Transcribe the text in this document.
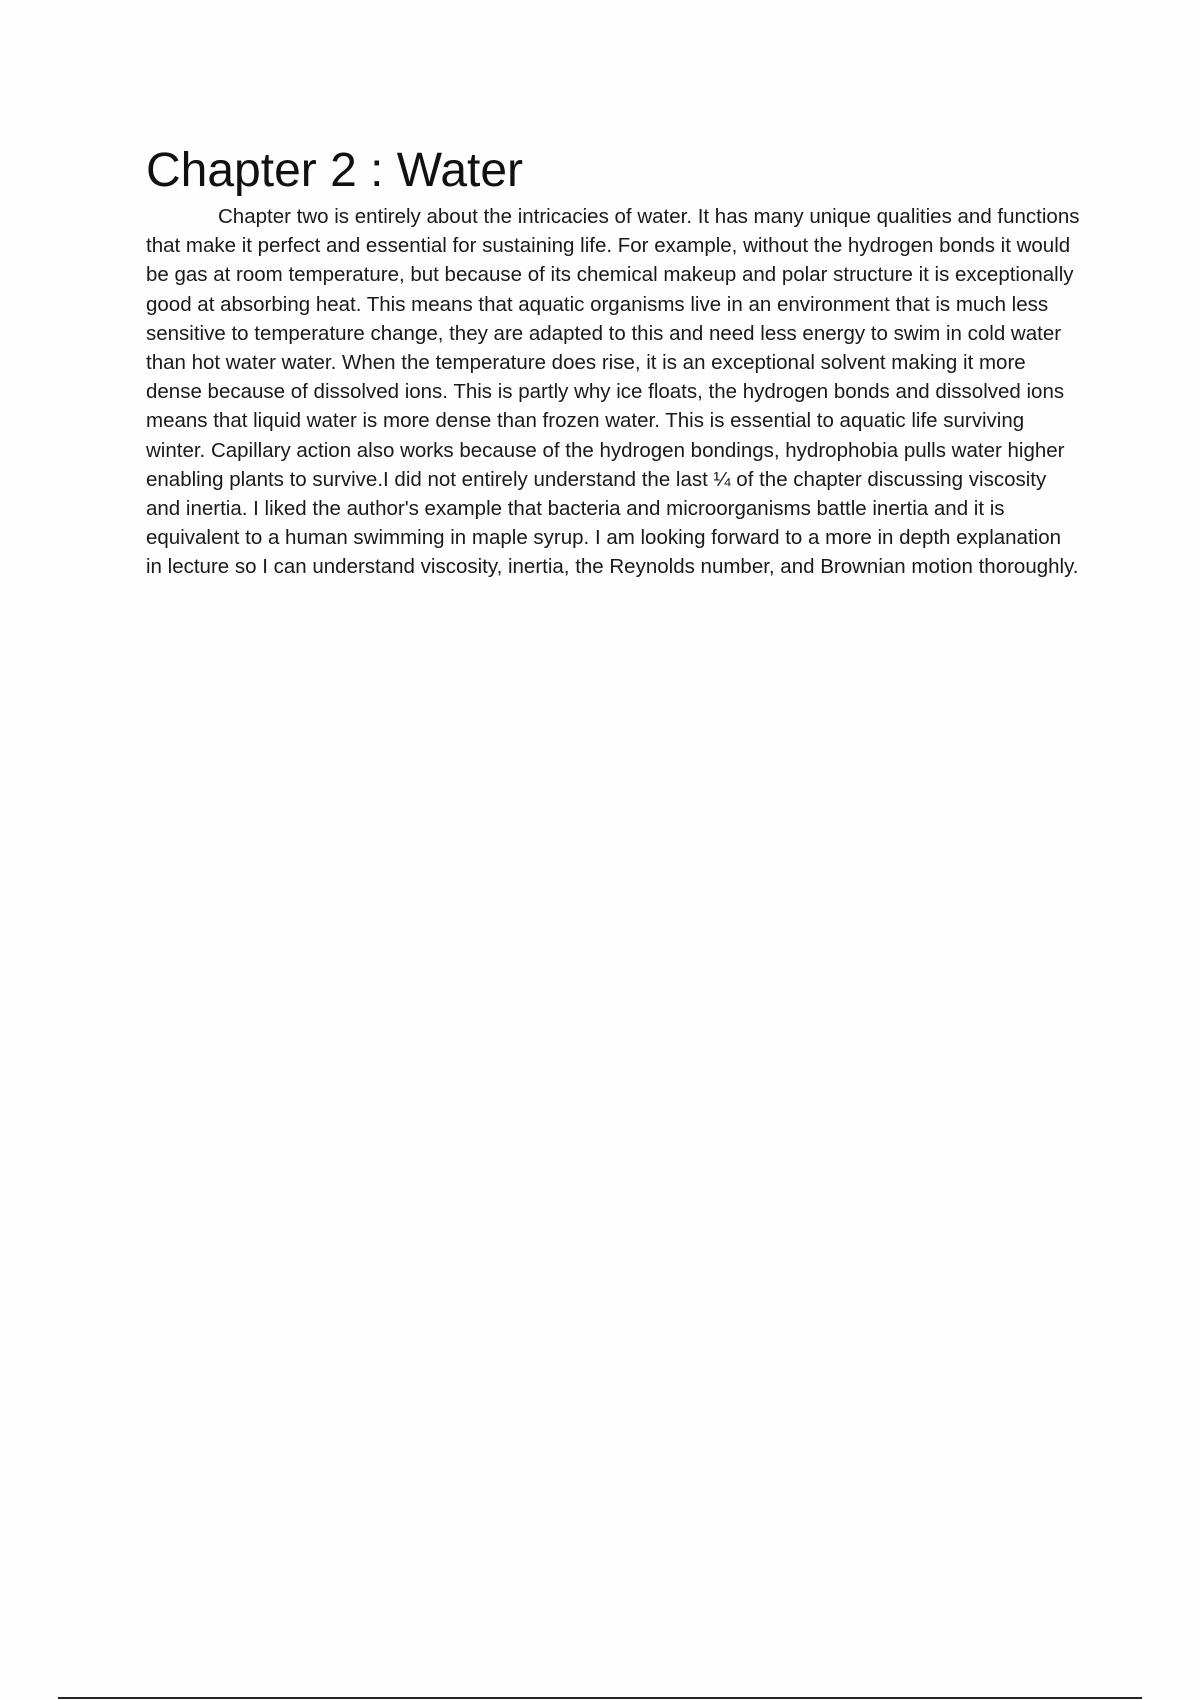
Chapter 2 : Water

Chapter two is entirely about the intricacies of water. It has many unique qualities and functions that make it perfect and essential for sustaining life. For example, without the hydrogen bonds it would be gas at room temperature, but because of its chemical makeup and polar structure it is exceptionally good at absorbing heat. This means that aquatic organisms live in an environment that is much less sensitive to temperature change, they are adapted to this and need less energy to swim in cold water than hot water water. When the temperature does rise, it is an exceptional solvent making it more dense because of dissolved ions. This is partly why ice floats, the hydrogen bonds and dissolved ions means that liquid water is more dense than frozen water. This is essential to aquatic life surviving winter. Capillary action also works because of the hydrogen bondings, hydrophobia pulls water higher enabling plants to survive.I did not entirely understand the last ¼ of the chapter discussing viscosity and inertia. I liked the author's example that bacteria and microorganisms battle inertia and it is equivalent to a human swimming in maple syrup. I am looking forward to a more in depth explanation in lecture so I can understand viscosity, inertia, the Reynolds number, and Brownian motion thoroughly.
